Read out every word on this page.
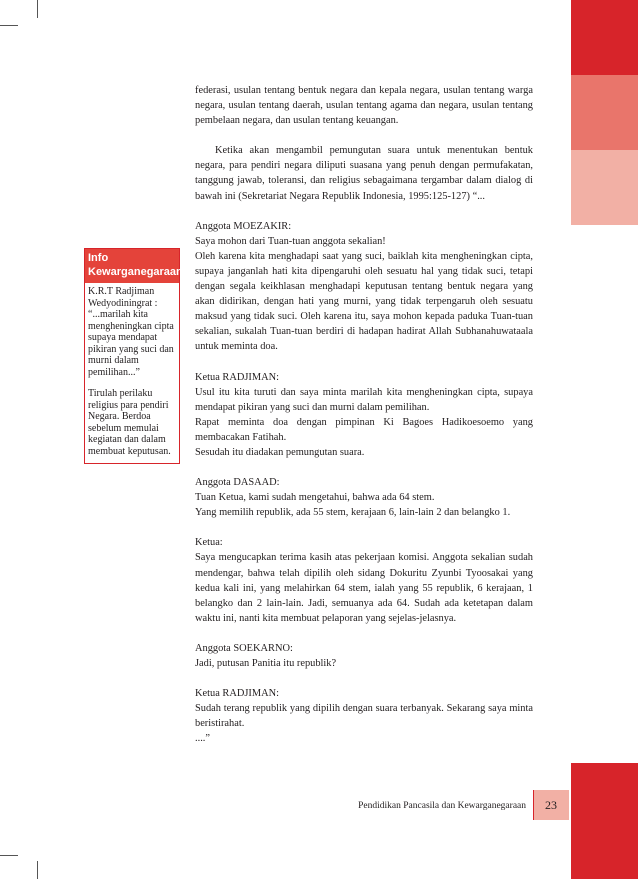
Info
Kewarganegaraan

K.R.T Radjiman Wedyodiningrat : “...marilah kita mengheningkan cipta supaya mendapat pikiran yang suci dan murni dalam pemilihan...”

Tirulah perilaku religius para pendiri Negara. Berdoa sebelum memulai kegiatan dan dalam membuat keputusan.

federasi, usulan tentang bentuk negara dan kepala negara, usulan tentang warga negara, usulan tentang daerah, usulan tentang agama dan negara, usulan tentang pembelaan negara, dan usulan tentang keuangan.

Ketika akan mengambil pemungutan suara untuk menentukan bentuk negara, para pendiri negara diliputi suasana yang penuh dengan permufakatan, tanggung jawab, toleransi, dan religius sebagaimana tergambar dalam dialog di bawah ini (Sekretariat Negara Republik Indonesia, 1995:125-127) “...

Anggota MOEZAKIR:

Saya mohon dari Tuan-tuan anggota sekalian!

Oleh karena kita menghadapi saat yang suci, baiklah kita mengheningkan cipta, supaya janganlah hati kita dipengaruhi oleh sesuatu hal yang tidak suci, tetapi dengan segala keikhlasan menghadapi keputusan tentang bentuk negara yang akan didirikan, dengan hati yang murni, yang tidak terpengaruh oleh sesuatu maksud yang tidak suci. Oleh karena itu, saya mohon kepada paduka Tuan-tuan sekalian, sukalah Tuan-tuan berdiri di hadapan hadirat Allah Subhanahuwataala untuk meminta doa.

Ketua RADJIMAN:

Usul itu kita turuti dan saya minta marilah kita mengheningkan cipta, supaya mendapat pikiran yang suci dan murni dalam pemilihan.

Rapat meminta doa dengan pimpinan Ki Bagoes Hadikoesoemo yang membacakan Fatihah.

Sesudah itu diadakan pemungutan suara.

Anggota DASAAD:

Tuan Ketua, kami sudah mengetahui, bahwa ada 64 stem.

Yang memilih republik, ada 55 stem, kerajaan 6, lain-lain 2 dan belangko 1.

Ketua:

Saya mengucapkan terima kasih atas pekerjaan komisi. Anggota sekalian sudah mendengar, bahwa telah dipilih oleh sidang Dokuritu Zyunbi Tyoosakai yang kedua kali ini, yang melahirkan 64 stem, ialah yang 55 republik, 6 kerajaan, 1 belangko dan 2 lain-lain. Jadi, semuanya ada 64. Sudah ada ketetapan dalam waktu ini, nanti kita membuat pelaporan yang sejelas-jelasnya.

Anggota SOEKARNO:

Jadi, putusan Panitia itu republik?

Ketua RADJIMAN:

Sudah terang republik yang dipilih dengan suara terbanyak. Sekarang saya minta beristirahat.

....”

Pendidikan Pancasila dan Kewarganegaraan	23
